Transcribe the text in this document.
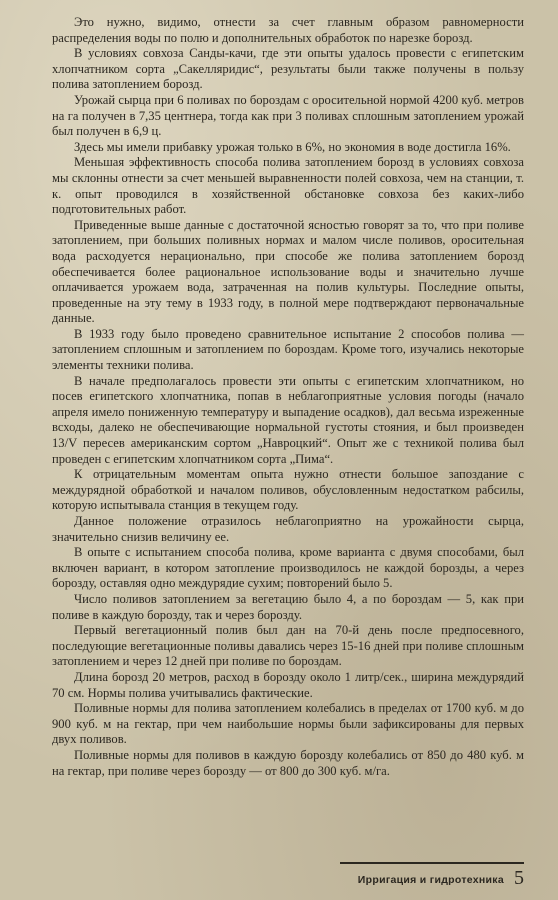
Это нужно, видимо, отнести за счет главным образом равномерности распределения воды по полю и дополнительных обработок по нарезке борозд.

В условиях совхоза Санды-качи, где эти опыты удалось провести с египетским хлопчатником сорта „Сакелляридис“, результаты были также получены в пользу полива затоплением борозд.

Урожай сырца при 6 поливах по бороздам с оросительной нормой 4200 куб. метров на га получен в 7,35 центнера, тогда как при 3 поливах сплошным затоплением урожай был получен в 6,9 ц.

Здесь мы имели прибавку урожая только в 6%, но экономия в воде достигла 16%.

Меньшая эффективность способа полива затоплением борозд в условиях совхоза мы склонны отнести за счет меньшей выравненности полей совхоза, чем на станции, т. к. опыт проводился в хозяйственной обстановке совхоза без каких-либо подготовительных работ.

Приведенные выше данные с достаточной ясностью говорят за то, что при поливе затоплением, при больших поливных нормах и малом числе поливов, оросительная вода расходуется нерационально, при способе же полива затоплением борозд обеспечивается более рациональное использование воды и значительно лучше оплачивается урожаем вода, затраченная на полив культуры. Последние опыты, проведенные на эту тему в 1933 году, в полной мере подтверждают первоначальные данные.

В 1933 году было проведено сравнительное испытание 2 способов полива — затоплением сплошным и затоплением по бороздам. Кроме того, изучались некоторые элементы техники полива.

В начале предполагалось провести эти опыты с египетским хлопчатником, но посев египетского хлопчатника, попав в неблагоприятные условия погоды (начало апреля имело пониженную температуру и выпадение осадков), дал весьма изреженные всходы, далеко не обеспечивающие нормальной густоты стояния, и был произведен 13/V пересев американским сортом „Навроцкий“. Опыт же с техникой полива был проведен с египетским хлопчатником сорта „Пима“.

К отрицательным моментам опыта нужно отнести большое запоздание с междурядной обработкой и началом поливов, обусловленным недостатком рабсилы, которую испытывала станция в текущем году.

Данное положение отразилось неблагоприятно на урожайности сырца, значительно снизив величину ее.

В опыте с испытанием способа полива, кроме варианта с двумя способами, был включен вариант, в котором затопление производилось не каждой борозды, а через борозду, оставляя одно междурядие сухим; повторений было 5.

Число поливов затоплением за вегетацию было 4, а по бороздам — 5, как при поливе в каждую борозду, так и через борозду.

Первый вегетационный полив был дан на 70-й день после предпосевного, последующие вегетационные поливы давались через 15-16 дней при поливе сплошным затоплением и через 12 дней при поливе по бороздам.

Длина борозд 20 метров, расход в борозду около 1 литр/сек., ширина междурядий 70 см. Нормы полива учитывались фактические.

Поливные нормы для полива затоплением колебались в пределах от 1700 куб. м до 900 куб. м на гектар, при чем наибольшие нормы были зафиксированы для первых двух поливов.

Поливные нормы для поливов в каждую борозду колебались от 850 до 480 куб. м на гектар, при поливе через борозду — от 800 до 300 куб. м/га.

Ирригация и гидротехника 5
